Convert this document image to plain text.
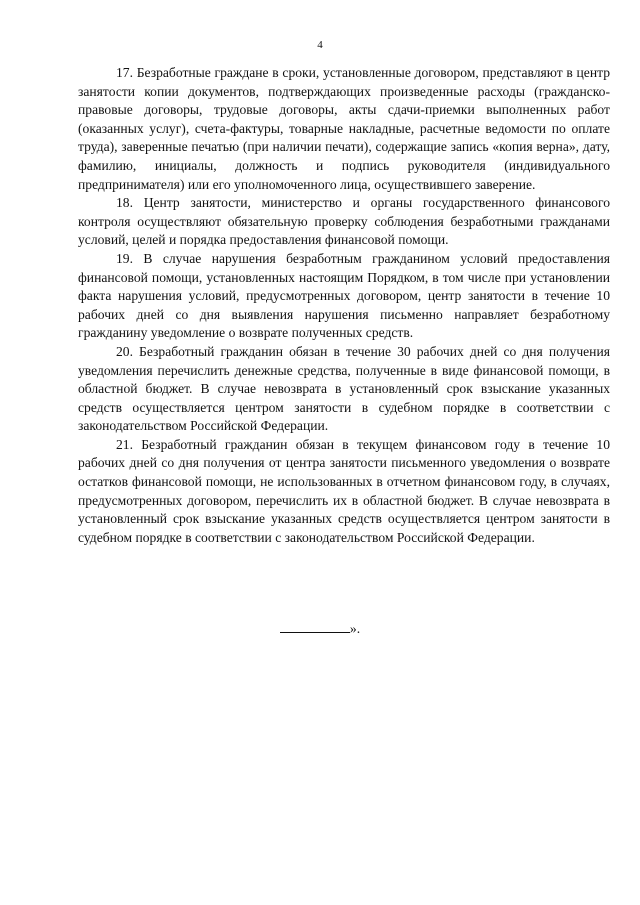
4

17. Безработные граждане в сроки, установленные договором, представляют в центр занятости копии документов, подтверждающих произведенные расходы (гражданско-правовые договоры, трудовые договоры, акты сдачи-приемки выполненных работ (оказанных услуг), счета-фактуры, товарные накладные, расчетные ведомости по оплате труда), заверенные печатью (при наличии печати), содержащие запись «копия верна», дату, фамилию, инициалы, должность и подпись руководителя (индивидуального предпринимателя) или его уполномоченного лица, осуществившего заверение.

18. Центр занятости, министерство и органы государственного финансового контроля осуществляют обязательную проверку соблюдения безработными гражданами условий, целей и порядка предоставления финансовой помощи.

19. В случае нарушения безработным гражданином условий предоставления финансовой помощи, установленных настоящим Порядком, в том числе при установлении факта нарушения условий, предусмотренных договором, центр занятости в течение 10 рабочих дней со дня выявления нарушения письменно направляет безработному гражданину уведомление о возврате полученных средств.

20. Безработный гражданин обязан в течение 30 рабочих дней со дня получения уведомления перечислить денежные средства, полученные в виде финансовой помощи, в областной бюджет. В случае невозврата в установленный срок взыскание указанных средств осуществляется центром занятости в судебном порядке в соответствии с законодательством Российской Федерации.

21. Безработный гражданин обязан в текущем финансовом году в течение 10 рабочих дней со дня получения от центра занятости письменного уведомления о возврате остатков финансовой помощи, не использованных в отчетном финансовом году, в случаях, предусмотренных договором, перечислить их в областной бюджет. В случае невозврата в установленный срок взыскание указанных средств осуществляется центром занятости в судебном порядке в соответствии с законодательством Российской Федерации.

».
